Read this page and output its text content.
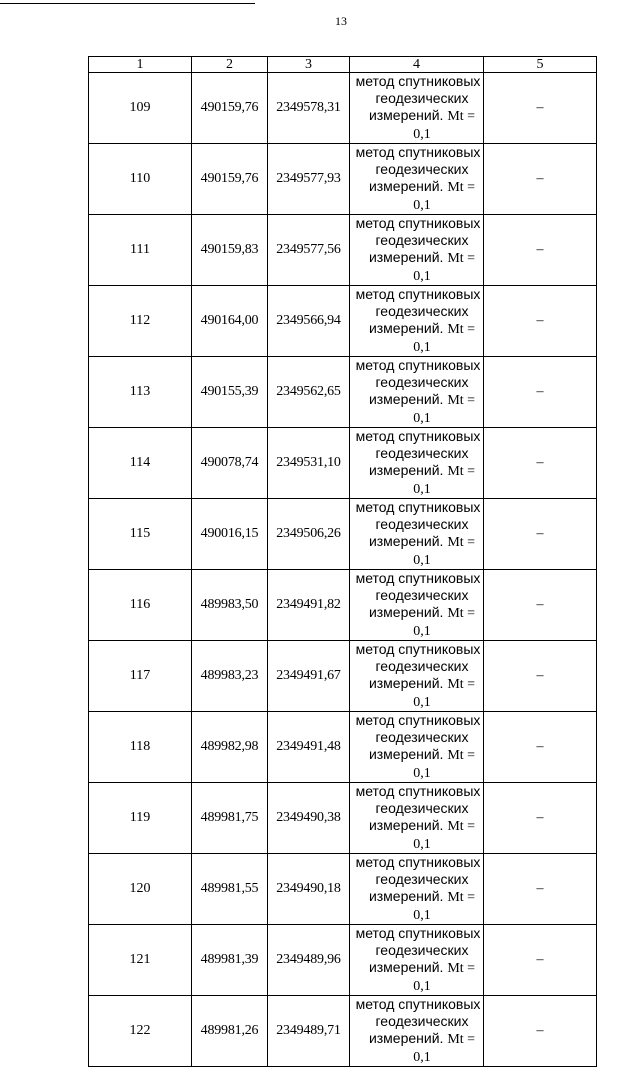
13
1	2	3	4	5
109	490159,76	2349578,31	метод спутниковых
геодезических
измерений. Mt = 0,1	–
110	490159,76	2349577,93	метод спутниковых
геодезических
измерений. Mt = 0,1	–
111	490159,83	2349577,56	метод спутниковых
геодезических
измерений. Mt = 0,1	–
112	490164,00	2349566,94	метод спутниковых
геодезических
измерений. Mt = 0,1	–
113	490155,39	2349562,65	метод спутниковых
геодезических
измерений. Mt = 0,1	–
114	490078,74	2349531,10	метод спутниковых
геодезических
измерений. Mt = 0,1	–
115	490016,15	2349506,26	метод спутниковых
геодезических
измерений. Mt = 0,1	–
116	489983,50	2349491,82	метод спутниковых
геодезических
измерений. Mt = 0,1	–
117	489983,23	2349491,67	метод спутниковых
геодезических
измерений. Mt = 0,1	–
118	489982,98	2349491,48	метод спутниковых
геодезических
измерений. Mt = 0,1	–
119	489981,75	2349490,38	метод спутниковых
геодезических
измерений. Mt = 0,1	–
120	489981,55	2349490,18	метод спутниковых
геодезических
измерений. Mt = 0,1	–
121	489981,39	2349489,96	метод спутниковых
геодезических
измерений. Mt = 0,1	–
122	489981,26	2349489,71	метод спутниковых
геодезических
измерений. Mt = 0,1	–
